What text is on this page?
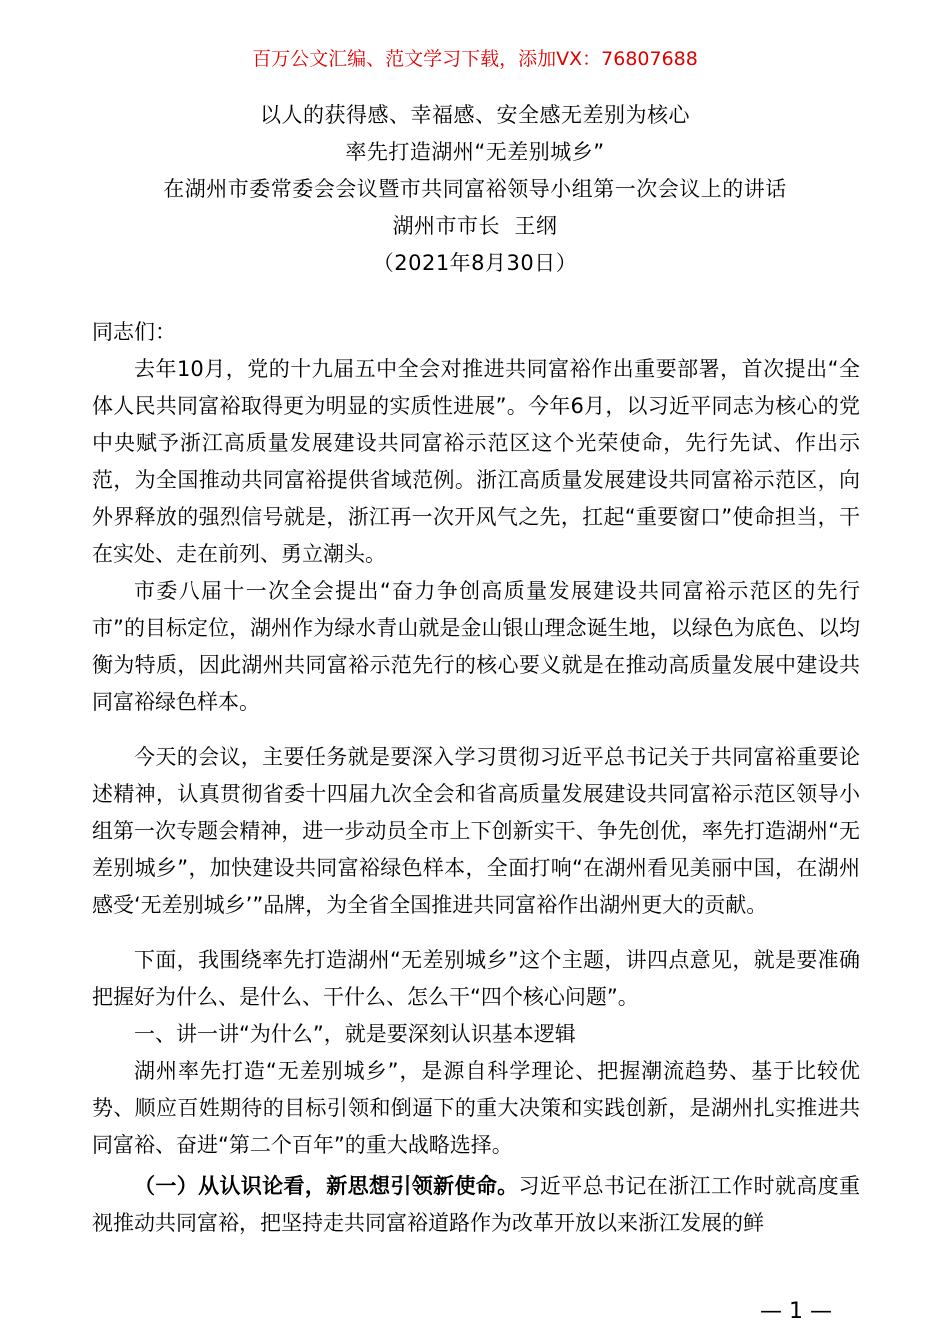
百万公文汇编、范文学习下载，添加VX：76807688
以人的获得感、幸福感、安全感无差别为核心
率先打造湖州“无差别城乡”
在湖州市委常委会会议暨市共同富裕领导小组第一次会议上的讲话
湖州市市长  王纲
（2021年8月30日）

同志们：

去年10月，党的十九届五中全会对推进共同富裕作出重要部署，首次提出“全体人民共同富裕取得更为明显的实质性进展”。今年6月，以习近平同志为核心的党中央赋予浙江高质量发展建设共同富裕示范区这个光荣使命，先行先试、作出示范，为全国推动共同富裕提供省域范例。浙江高质量发展建设共同富裕示范区，向外界释放的强烈信号就是，浙江再一次开风气之先，扛起“重要窗口”使命担当，干在实处、走在前列、勇立潮头。

市委八届十一次全会提出“奋力争创高质量发展建设共同富裕示范区的先行市”的目标定位，湖州作为绿水青山就是金山银山理念诞生地，以绿色为底色、以均衡为特质，因此湖州共同富裕示范先行的核心要义就是在推动高质量发展中建设共同富裕绿色样本。

今天的会议，主要任务就是要深入学习贯彻习近平总书记关于共同富裕重要论述精神，认真贯彻省委十四届九次全会和省高质量发展建设共同富裕示范区领导小组第一次专题会精神，进一步动员全市上下创新实干、争先创优，率先打造湖州“无差别城乡”，加快建设共同富裕绿色样本，全面打响“在湖州看见美丽中国，在湖州感受‘无差别城乡’”品牌，为全省全国推进共同富裕作出湖州更大的贡献。

下面，我围绕率先打造湖州“无差别城乡”这个主题，讲四点意见，就是要准确把握好为什么、是什么、干什么、怎么干“四个核心问题”。

一、讲一讲“为什么”，就是要深刻认识基本逻辑

湖州率先打造“无差别城乡”，是源自科学理论、把握潮流趋势、基于比较优势、顺应百姓期待的目标引领和倒逼下的重大决策和实践创新，是湖州扎实推进共同富裕、奋进“第二个百年”的重大战略选择。

（一）从认识论看，新思想引领新使命。习近平总书记在浙江工作时就高度重视推动共同富裕，把坚持走共同富裕道路作为改革开放以来浙江发展的鲜

— 1 —
